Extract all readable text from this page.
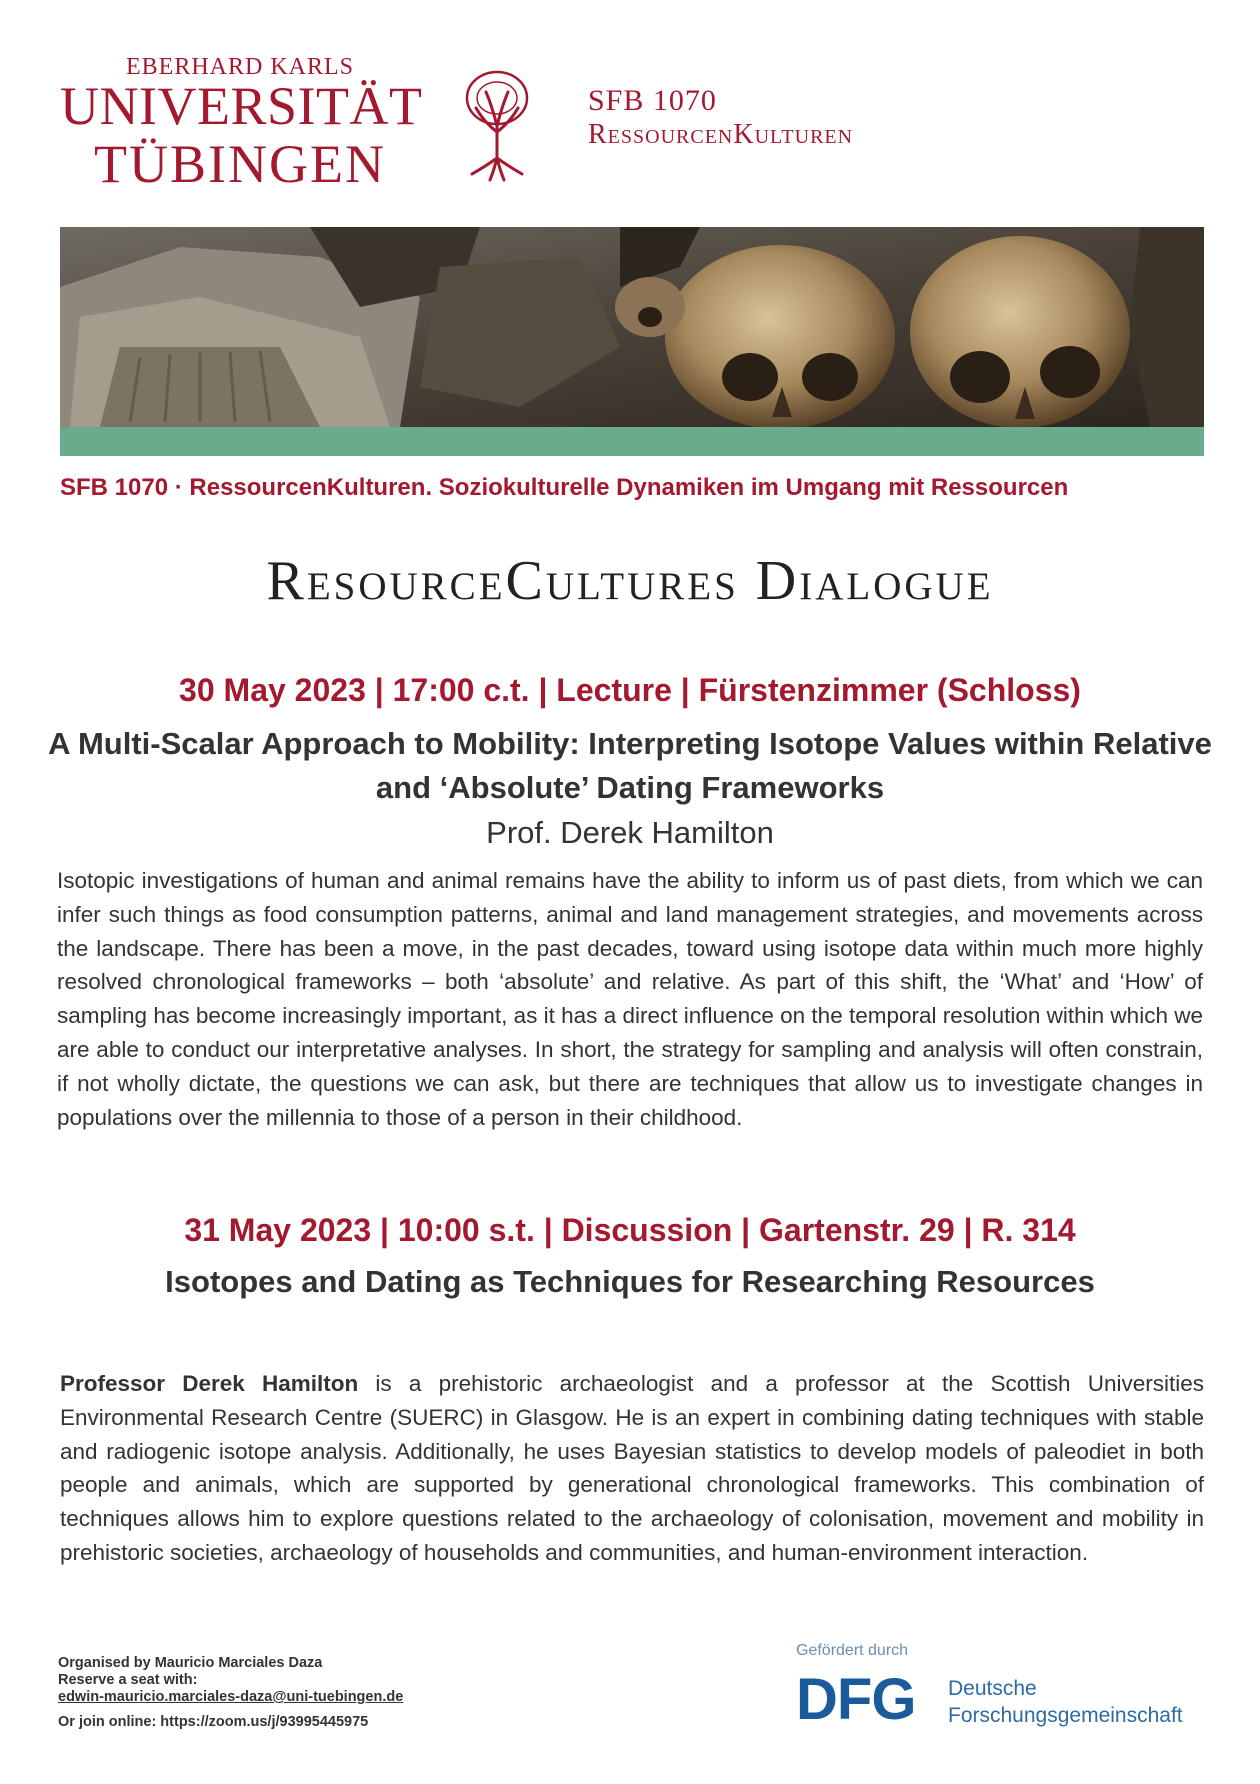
EBERHARD KARLS
UNIVERSITÄT
TÜBINGEN
SFB 1070
RessourcenKulturen
SFB 1070 · RessourcenKulturen. Soziokulturelle Dynamiken im Umgang mit Ressourcen
ResourceCultures Dialogue
30 May 2023 | 17:00 c.t. | Lecture | Fürstenzimmer (Schloss)
A Multi-Scalar Approach to Mobility: Interpreting Isotope Values within Relative and ‘Absolute’ Dating Frameworks
Prof. Derek Hamilton
Isotopic investigations of human and animal remains have the ability to inform us of past diets, from which we can infer such things as food consumption patterns, animal and land management strategies, and movements across the landscape. There has been a move, in the past decades, toward using isotope data within much more highly resolved chronological frameworks – both ‘absolute’ and relative. As part of this shift, the ‘What’ and ‘How’ of sampling has become increasingly important, as it has a direct influence on the temporal resolution within which we are able to conduct our interpretative analyses. In short, the strategy for sampling and analysis will often constrain, if not wholly dictate, the questions we can ask, but there are techniques that allow us to investigate changes in populations over the millennia to those of a person in their childhood.
31 May 2023 | 10:00 s.t. | Discussion | Gartenstr. 29 | R. 314
Isotopes and Dating as Techniques for Researching Resources
Professor Derek Hamilton is a prehistoric archaeologist and a professor at the Scottish Universities Environmental Research Centre (SUERC) in Glasgow. He is an expert in combining dating techniques with stable and radiogenic isotope analysis. Additionally, he uses Bayesian statistics to develop models of paleodiet in both people and animals, which are supported by generational chronological frameworks. This combination of techniques allows him to explore questions related to the archaeology of colonisation, movement and mobility in prehistoric societies, archaeology of households and communities, and human-environment interaction.
Organised by Mauricio Marciales Daza
Reserve a seat with:
edwin-mauricio.marciales-daza@uni-tuebingen.de
Or join online: https://zoom.us/j/93995445975
Gefördert durch
DFG Deutsche
Forschungsgemeinschaft
